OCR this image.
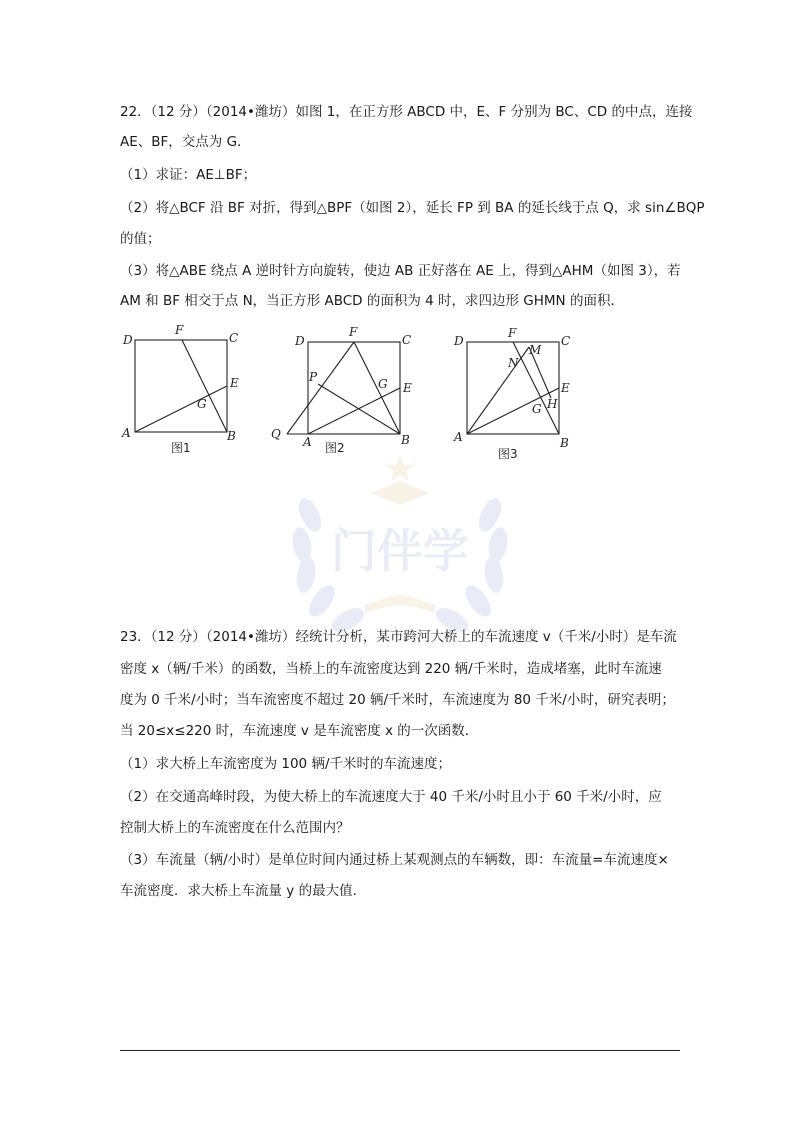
22．（12 分）（2014•潍坊）如图 1，在正方形 ABCD 中，E、F 分别为 BC、CD 的中点，连接
AE、BF，交点为 G．
（1）求证：AE⊥BF；
（2）将△BCF 沿 BF 对折，得到△BPF（如图 2），延长 FP 到 BA 的延长线于点 Q，求 sin∠BQP
的值；
（3）将△ABE 绕点 A 逆时针方向旋转，使边 AB 正好落在 AE 上，得到△AHM（如图 3），若
AM 和 BF 相交于点 N，当正方形 ABCD 的面积为 4 时，求四边形 GHMN 的面积．
D
F
C
E
G
A	B
图1
D
F
C
P	G E
Q
A	B
图2
D
F
M
C
N
E
G H
A	B
图3
门伴学
23．（12 分）（2014•潍坊）经统计分析，某市跨河大桥上的车流速度 v（千米/小时）是车流
密度 x（辆/千米）的函数，当桥上的车流密度达到 220 辆/千米时，造成堵塞，此时车流速
度为 0 千米/小时；当车流密度不超过 20 辆/千米时，车流速度为 80 千米/小时，研究表明；
当 20≤x≤220 时，车流速度 v 是车流密度 x 的一次函数．
（1）求大桥上车流密度为 100 辆/千米时的车流速度；
（2）在交通高峰时段，为使大桥上的车流速度大于 40 千米/小时且小于 60 千米/小时，应
控制大桥上的车流密度在什么范围内？
（3）车流量（辆/小时）是单位时间内通过桥上某观测点的车辆数，即：车流量=车流速度×
车流密度．求大桥上车流量 y 的最大值．
